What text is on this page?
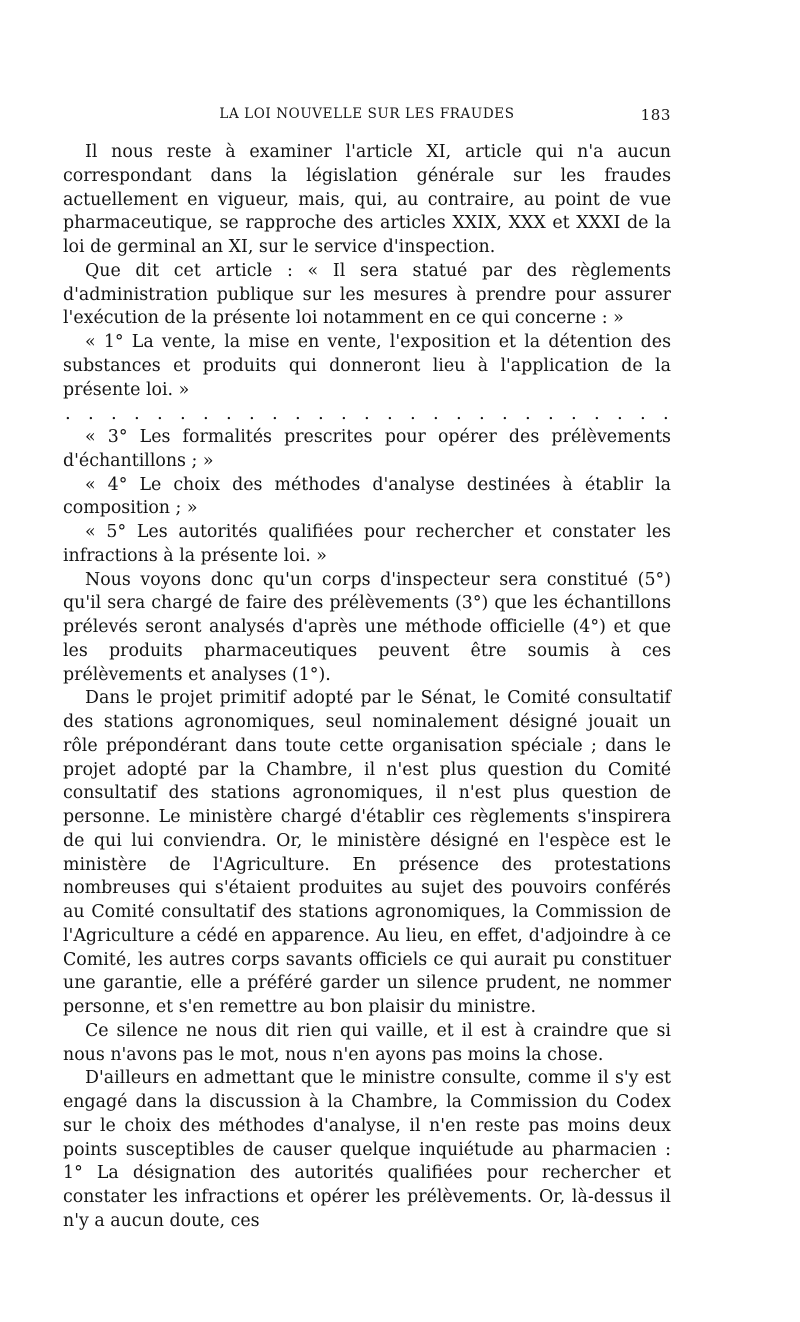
LA LOI NOUVELLE SUR LES FRAUDES	183

Il nous reste à examiner l'article XI, article qui n'a aucun correspondant dans la législation générale sur les fraudes actuellement en vigueur, mais, qui, au contraire, au point de vue pharmaceutique, se rapproche des articles XXIX, XXX et XXXI de la loi de germinal an XI, sur le service d'inspection.

Que dit cet article : « Il sera statué par des règlements d'administration publique sur les mesures à prendre pour assurer l'exécution de la présente loi notamment en ce qui concerne : »

« 1° La vente, la mise en vente, l'exposition et la détention des substances et produits qui donneront lieu à l'application de la présente loi. »

. . . . . . . . . . . . . . . . . . . . . . . . . . .

« 3° Les formalités prescrites pour opérer des prélèvements d'échantillons ; »

« 4° Le choix des méthodes d'analyse destinées à établir la composition ; »

« 5° Les autorités qualifiées pour rechercher et constater les infractions à la présente loi. »

Nous voyons donc qu'un corps d'inspecteur sera constitué (5°) qu'il sera chargé de faire des prélèvements (3°) que les échantillons prélevés seront analysés d'après une méthode officielle (4°) et que les produits pharmaceutiques peuvent être soumis à ces prélèvements et analyses (1°).

Dans le projet primitif adopté par le Sénat, le Comité consultatif des stations agronomiques, seul nominalement désigné jouait un rôle prépondérant dans toute cette organisation spéciale ; dans le projet adopté par la Chambre, il n'est plus question du Comité consultatif des stations agronomiques, il n'est plus question de personne. Le ministère chargé d'établir ces règlements s'inspirera de qui lui conviendra. Or, le ministère désigné en l'espèce est le ministère de l'Agriculture. En présence des protestations nombreuses qui s'étaient produites au sujet des pouvoirs conférés au Comité consultatif des stations agronomiques, la Commission de l'Agriculture a cédé en apparence. Au lieu, en effet, d'adjoindre à ce Comité, les autres corps savants officiels ce qui aurait pu constituer une garantie, elle a préféré garder un silence prudent, ne nommer personne, et s'en remettre au bon plaisir du ministre.

Ce silence ne nous dit rien qui vaille, et il est à craindre que si nous n'avons pas le mot, nous n'en ayons pas moins la chose.

D'ailleurs en admettant que le ministre consulte, comme il s'y est engagé dans la discussion à la Chambre, la Commission du Codex sur le choix des méthodes d'analyse, il n'en reste pas moins deux points susceptibles de causer quelque inquiétude au pharmacien : 1° La désignation des autorités qualifiées pour rechercher et constater les infractions et opérer les prélèvements. Or, là-dessus il n'y a aucun doute, ces
